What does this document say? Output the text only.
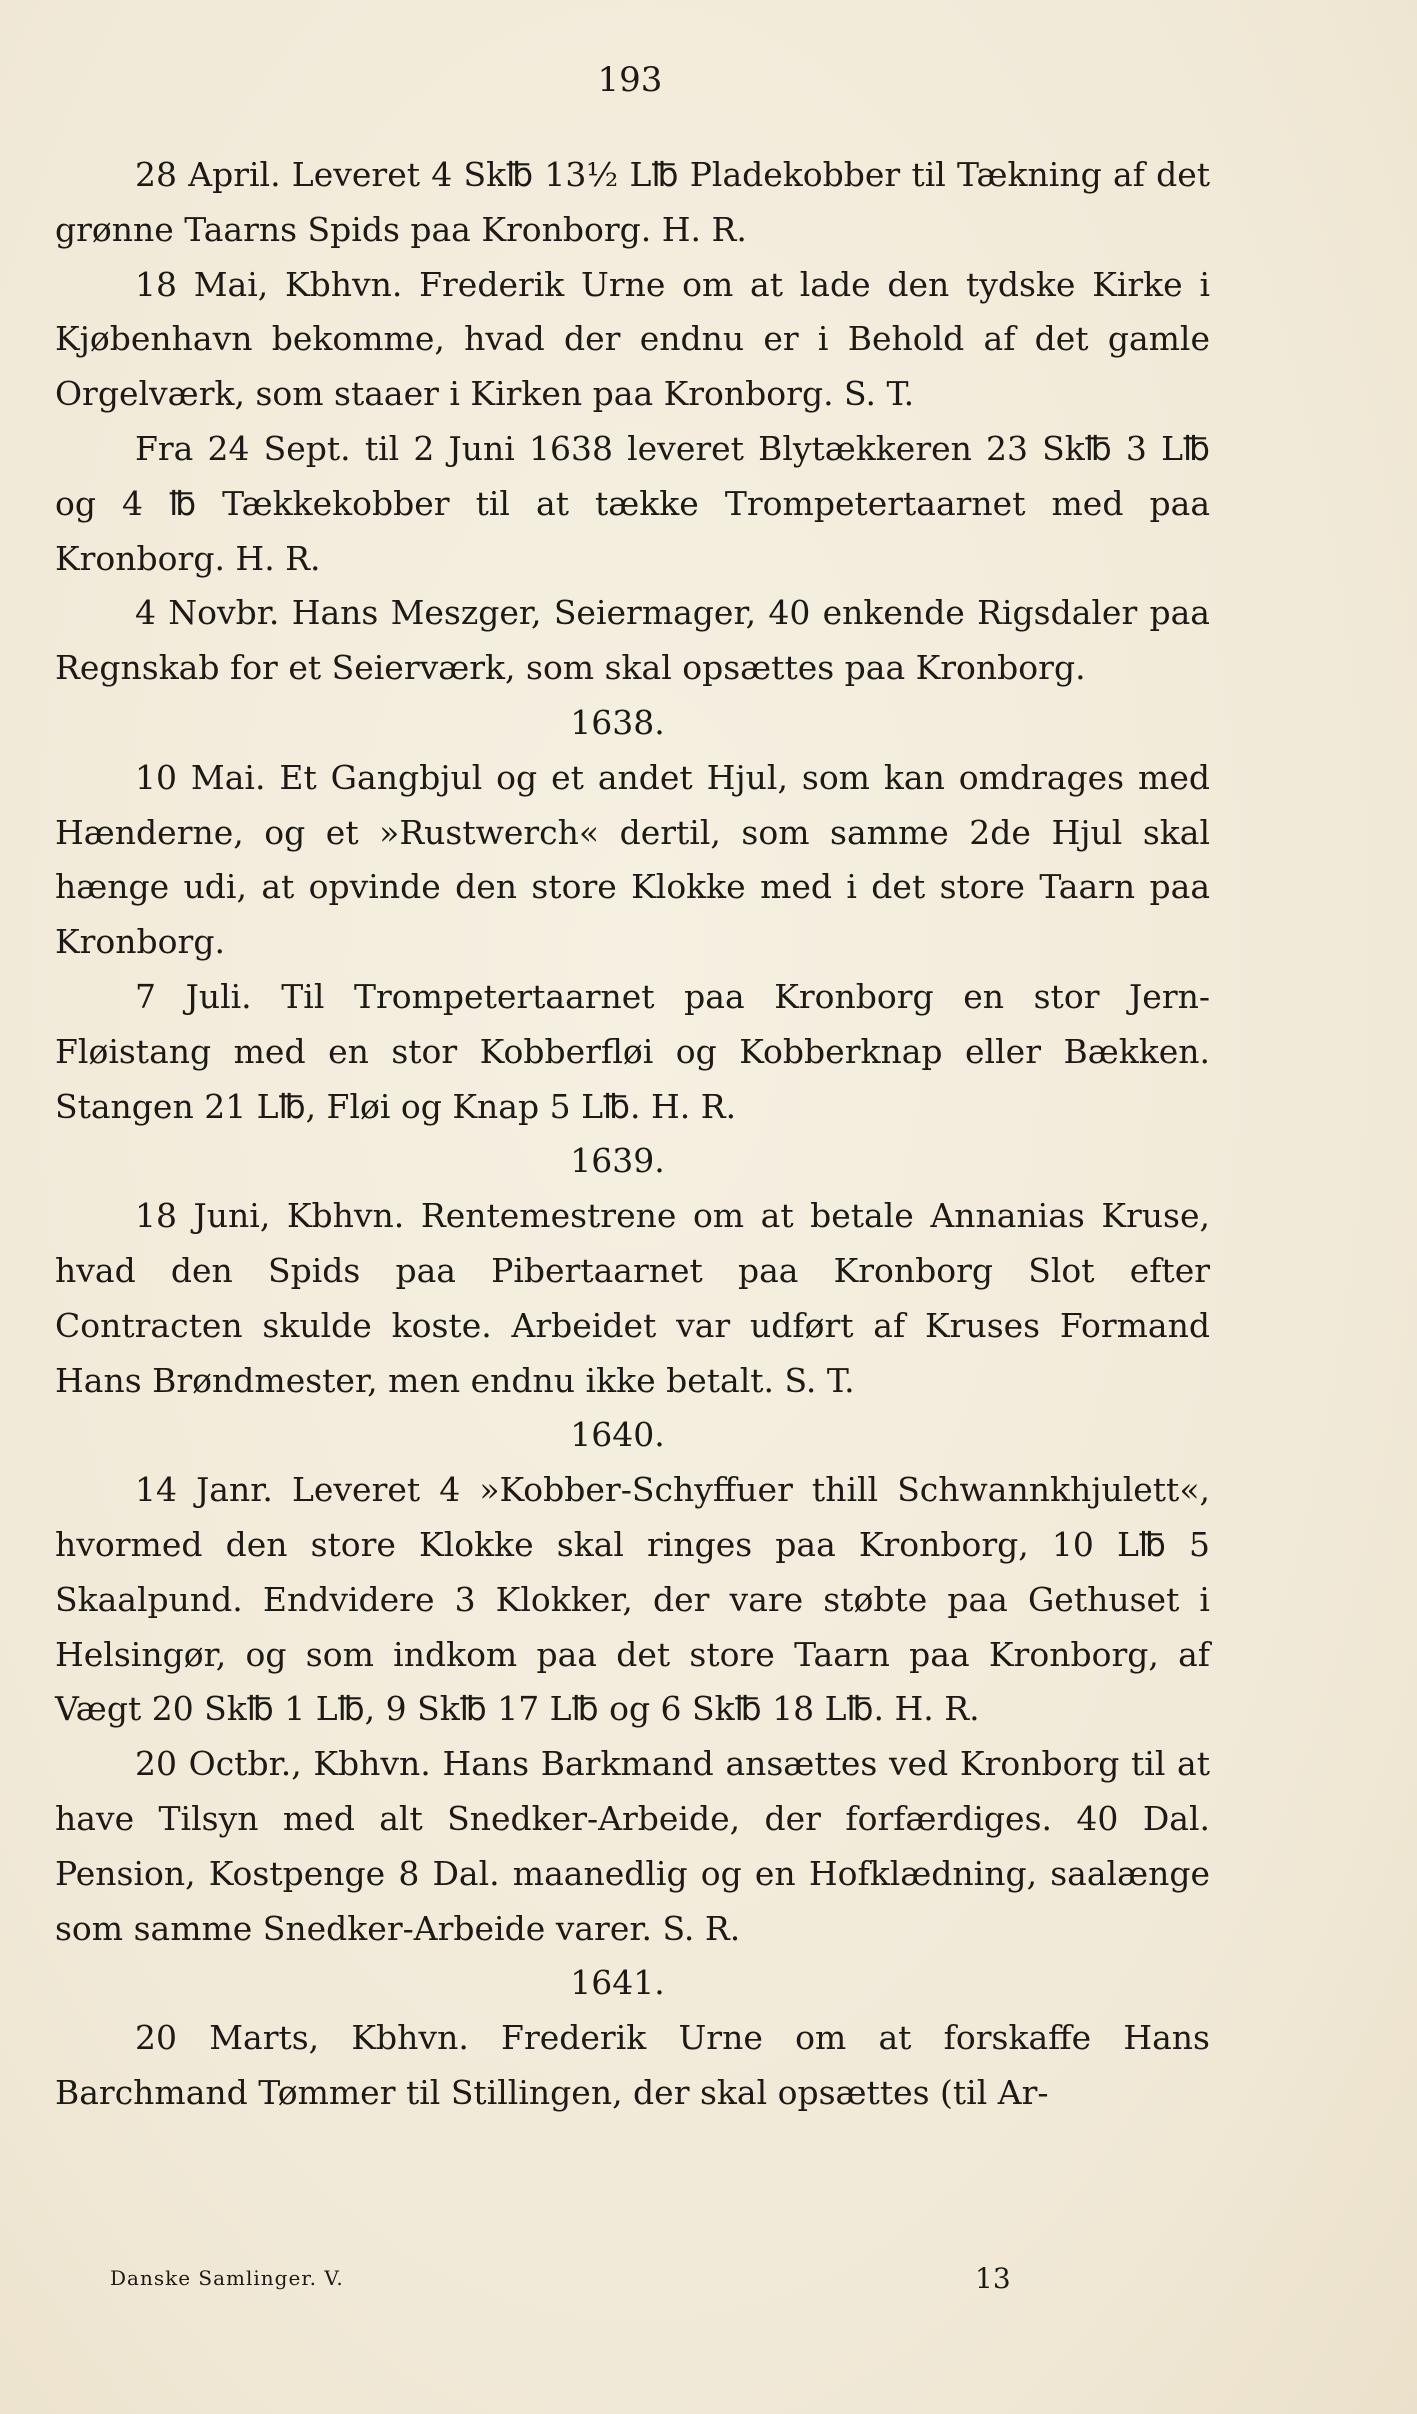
193

28 April. Leveret 4 Sk℔ 13½ L℔ Pladekobber til Tækning af det grønne Taarns Spids paa Kronborg. H. R.

18 Mai, Kbhvn. Frederik Urne om at lade den tydske Kirke i Kjøbenhavn bekomme, hvad der endnu er i Behold af det gamle Orgelværk, som staaer i Kirken paa Kronborg. S. T.

Fra 24 Sept. til 2 Juni 1638 leveret Blytækkeren 23 Sk℔ 3 L℔ og 4 ℔ Tækkekobber til at tække Trompetertaarnet med paa Kronborg. H. R.

4 Novbr. Hans Meszger, Seiermager, 40 enkende Rigsdaler paa Regnskab for et Seierværk, som skal opsættes paa Kronborg.

1638.

10 Mai. Et Gangbjul og et andet Hjul, som kan omdrages med Hænderne, og et »Rustwerch« dertil, som samme 2de Hjul skal hænge udi, at opvinde den store Klokke med i det store Taarn paa Kronborg.

7 Juli. Til Trompetertaarnet paa Kronborg en stor Jern-Fløistang med en stor Kobberfløi og Kobberknap eller Bækken. Stangen 21 L℔, Fløi og Knap 5 L℔. H. R.

1639.

18 Juni, Kbhvn. Rentemestrene om at betale Annanias Kruse, hvad den Spids paa Pibertaarnet paa Kronborg Slot efter Contracten skulde koste. Arbeidet var udført af Kruses Formand Hans Brøndmester, men endnu ikke betalt. S. T.

1640.

14 Janr. Leveret 4 »Kobber-Schyffuer thill Schwannkhjulett«, hvormed den store Klokke skal ringes paa Kronborg, 10 L℔ 5 Skaalpund. Endvidere 3 Klokker, der vare støbte paa Gethuset i Helsingør, og som indkom paa det store Taarn paa Kronborg, af Vægt 20 Sk℔ 1 L℔, 9 Sk℔ 17 L℔ og 6 Sk℔ 18 L℔. H. R.

20 Octbr., Kbhvn. Hans Barkmand ansættes ved Kronborg til at have Tilsyn med alt Snedker-Arbeide, der forfærdiges. 40 Dal. Pension, Kostpenge 8 Dal. maanedlig og en Hofklædning, saalænge som samme Snedker-Arbeide varer. S. R.

1641.

20 Marts, Kbhvn. Frederik Urne om at forskaffe Hans Barchmand Tømmer til Stillingen, der skal opsættes (til Ar-

Danske Samlinger. V.	13
